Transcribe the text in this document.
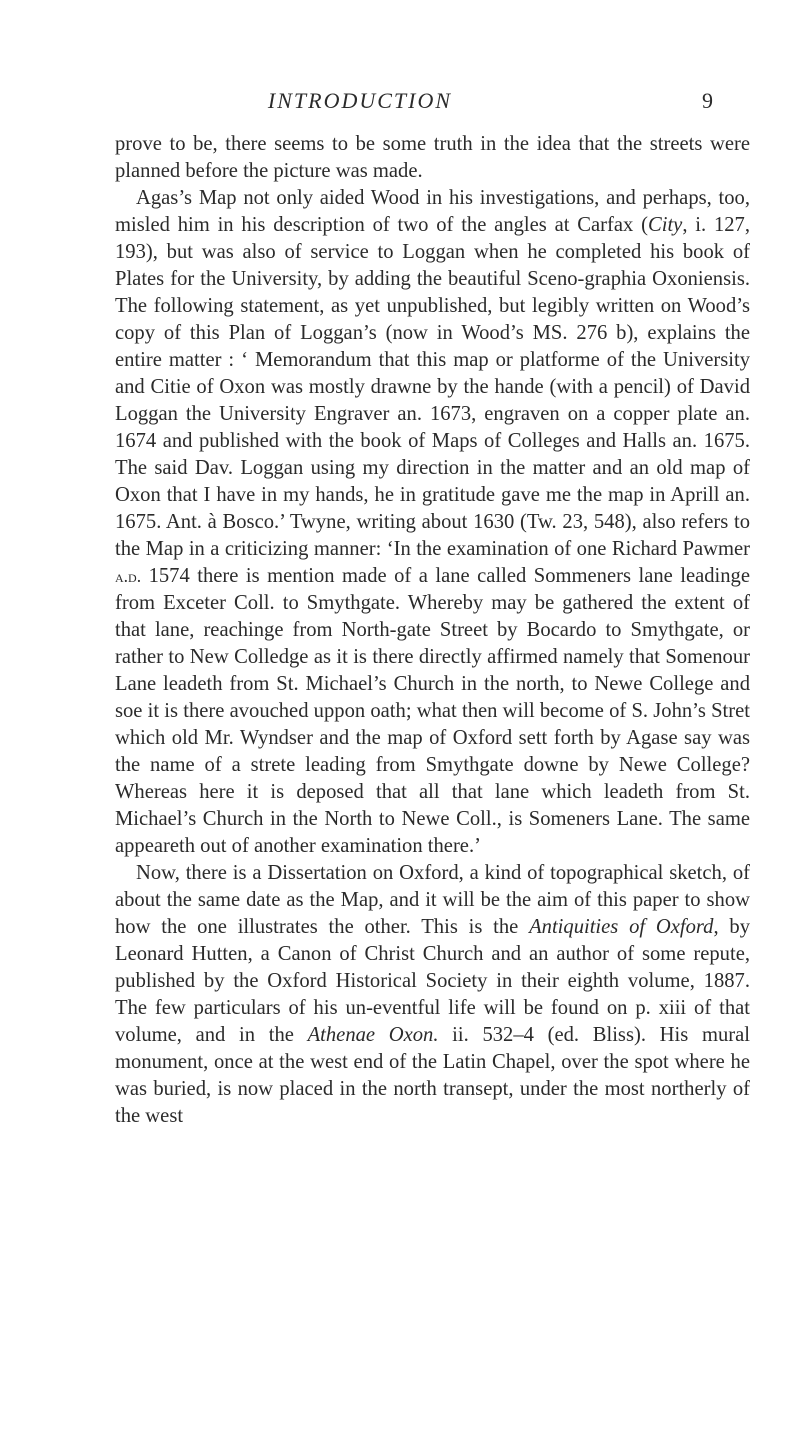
INTRODUCTION	9

prove to be, there seems to be some truth in the idea that the streets were planned before the picture was made.

Agas’s Map not only aided Wood in his investigations, and perhaps, too, misled him in his description of two of the angles at Carfax (City, i. 127, 193), but was also of service to Loggan when he completed his book of Plates for the University, by adding the beautiful Sceno-graphia Oxoniensis. The following statement, as yet unpublished, but legibly written on Wood’s copy of this Plan of Loggan’s (now in Wood’s MS. 276 b), explains the entire matter : ‘ Memorandum that this map or platforme of the University and Citie of Oxon was mostly drawne by the hande (with a pencil) of David Loggan the University Engraver an. 1673, engraven on a copper plate an. 1674 and published with the book of Maps of Colleges and Halls an. 1675. The said Dav. Loggan using my direction in the matter and an old map of Oxon that I have in my hands, he in gratitude gave me the map in Aprill an. 1675. Ant. à Bosco.’ Twyne, writing about 1630 (Tw. 23, 548), also refers to the Map in a criticizing manner: ‘In the examination of one Richard Pawmer a.d. 1574 there is mention made of a lane called Sommeners lane leadinge from Exceter Coll. to Smythgate. Whereby may be gathered the extent of that lane, reachinge from North-gate Street by Bocardo to Smythgate, or rather to New Colledge as it is there directly affirmed namely that Somenour Lane leadeth from St. Michael’s Church in the north, to Newe College and soe it is there avouched uppon oath; what then will become of S. John’s Stret which old Mr. Wyndser and the map of Oxford sett forth by Agase say was the name of a strete leading from Smythgate downe by Newe College? Whereas here it is deposed that all that lane which leadeth from St. Michael’s Church in the North to Newe Coll., is Someners Lane. The same appeareth out of another examination there.’

Now, there is a Dissertation on Oxford, a kind of topographical sketch, of about the same date as the Map, and it will be the aim of this paper to show how the one illustrates the other. This is the Antiquities of Oxford, by Leonard Hutten, a Canon of Christ Church and an author of some repute, published by the Oxford Historical Society in their eighth volume, 1887. The few particulars of his un-eventful life will be found on p. xiii of that volume, and in the Athenae Oxon. ii. 532–4 (ed. Bliss). His mural monument, once at the west end of the Latin Chapel, over the spot where he was buried, is now placed in the north transept, under the most northerly of the west
